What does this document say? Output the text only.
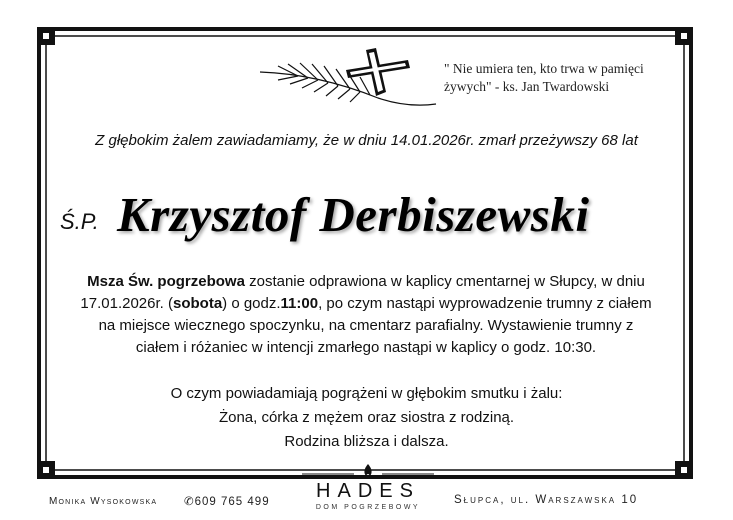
" Nie umiera ten, kto trwa w pamięci
żywych" - ks. Jan Twardowski
Z głębokim żalem zawiadamiamy, że w dniu 14.01.2026r. zmarł przeżywszy 68 lat
Ś.P. Krzysztof Derbiszewski
Msza Św. pogrzebowa zostanie odprawiona w kaplicy cmentarnej w Słupcy, w dniu
17.01.2026r. (sobota) o godz.11:00, po czym nastąpi wyprowadzenie trumny z ciałem
na miejsce wiecznego spoczynku, na cmentarz parafialny. Wystawienie trumny z
ciałem i różaniec w intencji zmarłego nastąpi w kaplicy o godz. 10:30.
O czym powiadamiają pogrążeni w głębokim smutku i żalu:
Żona, córka z mężem oraz siostra z rodziną.
Rodzina bliższa i dalsza.
Monika Wysokowska ✆609 765 499	HADES
DOM POGRZEBOWY
Słupca, ul. Warszawska 10
